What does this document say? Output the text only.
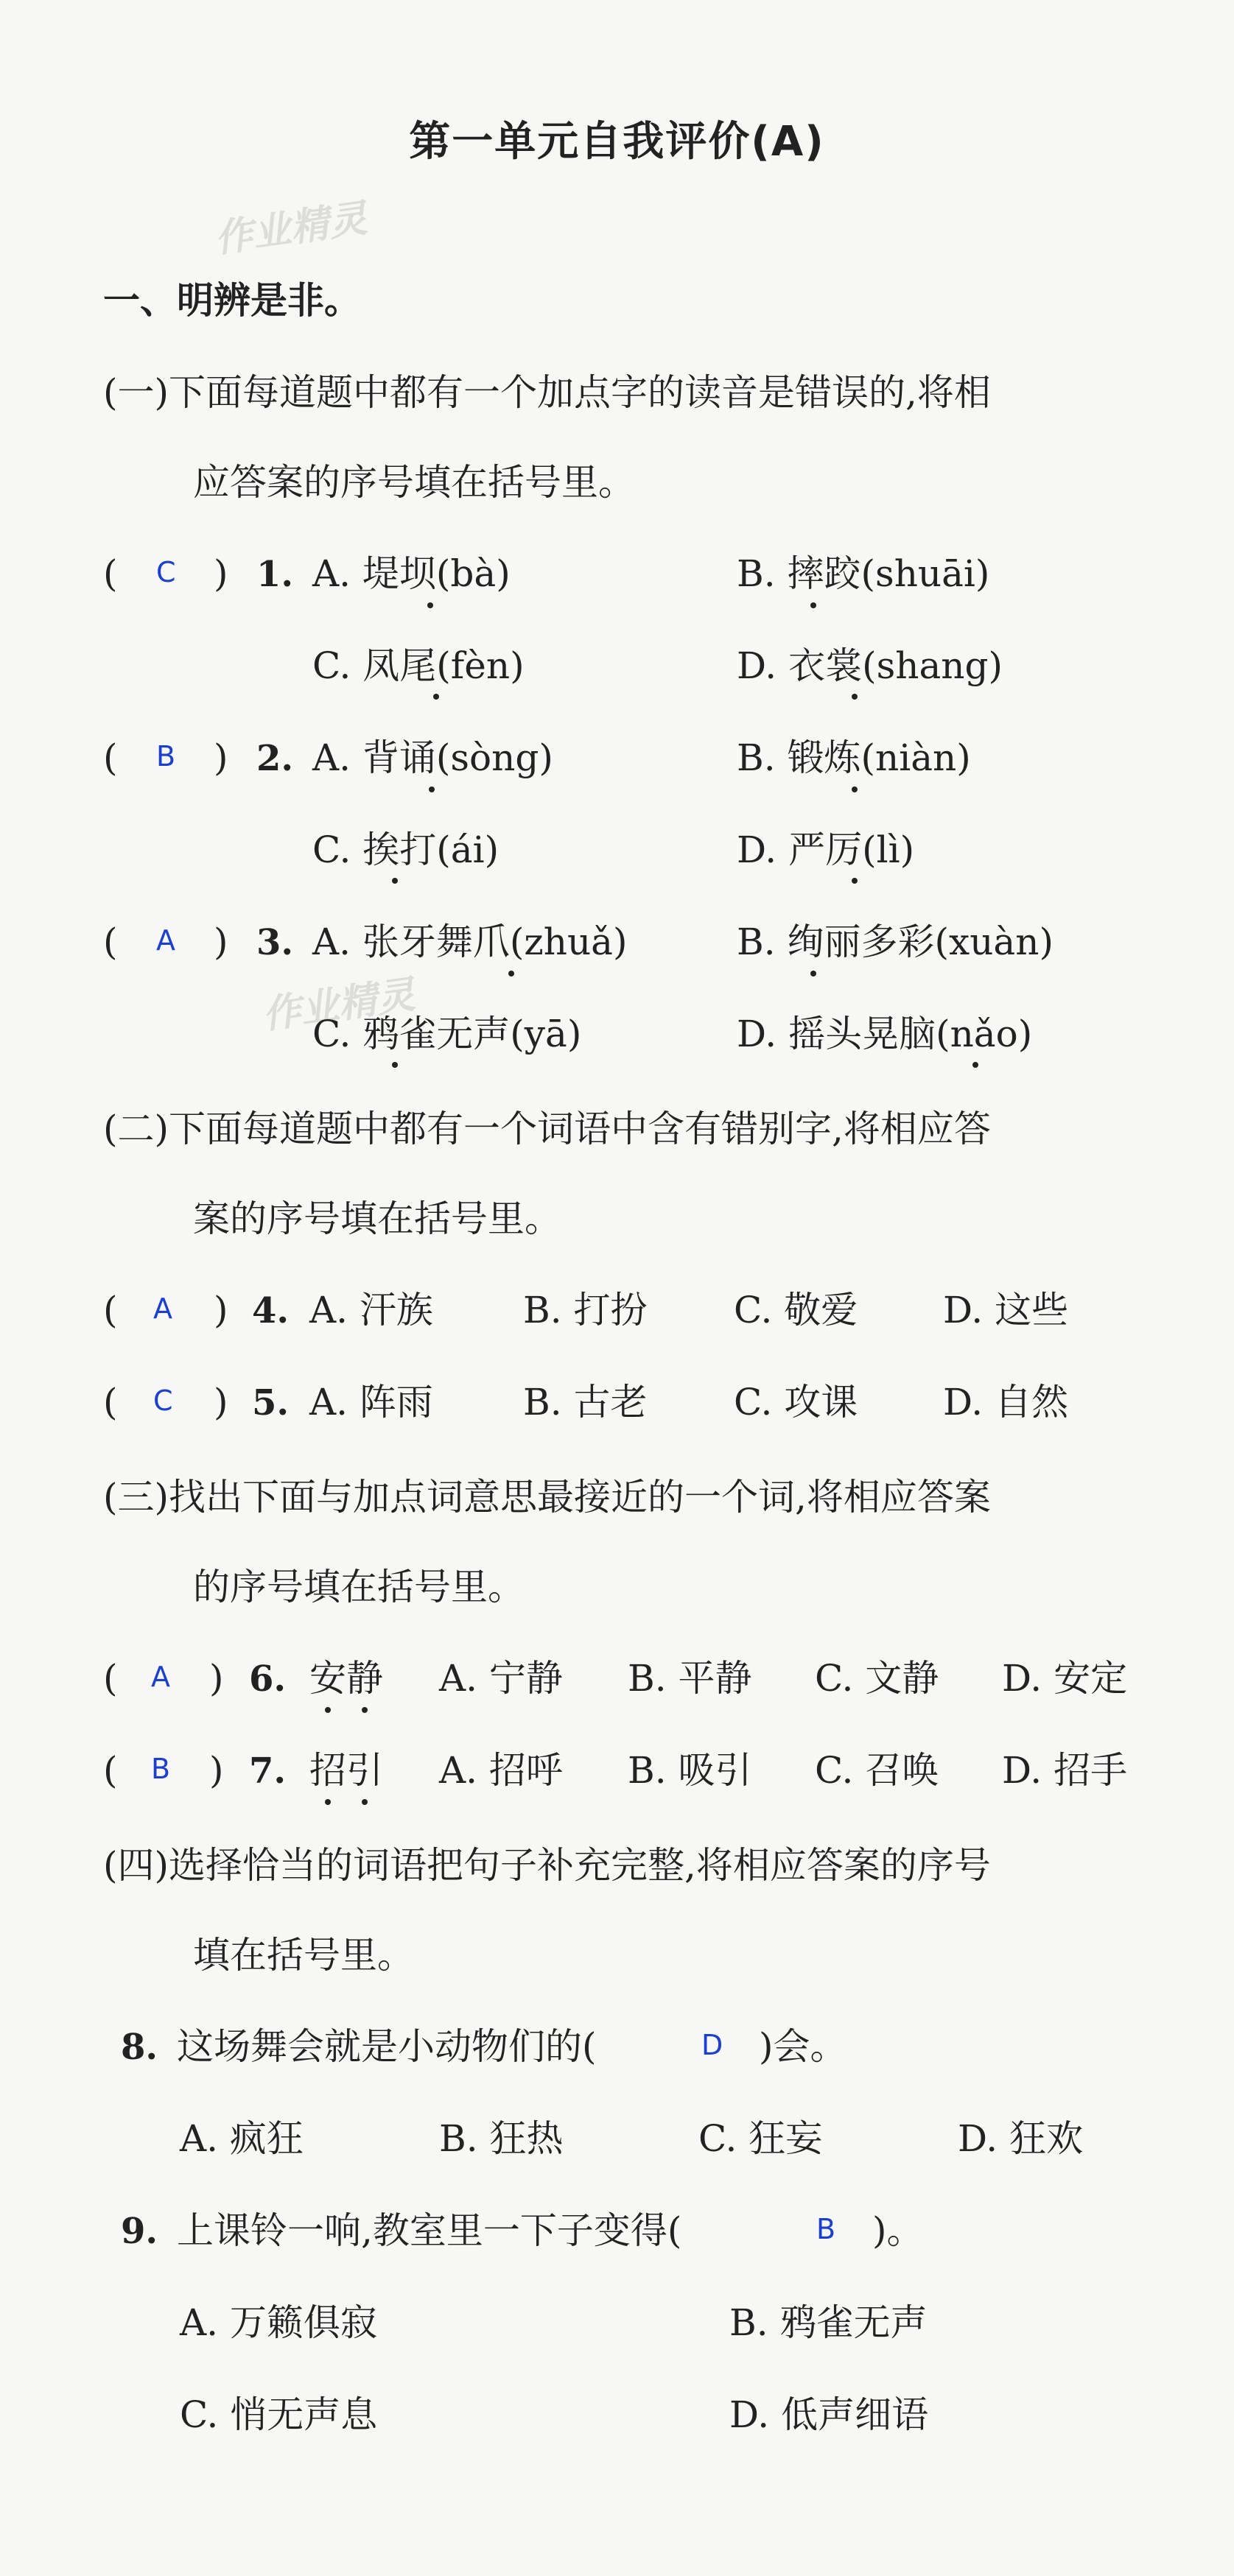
第一单元自我评价(A)
作业精灵
作业精灵
一、明辨是非。
(一)下面每道题中都有一个加点字的读音是错误的,将相
应答案的序号填在括号里。
( C ) 1. A. 堤坝(bà)	B. 摔跤(shuāi)
C. 凤尾(fèn)	D. 衣裳(shang)
( B ) 2. A. 背诵(sòng)	B. 锻炼(niàn)
C. 挨打(ái)	D. 严厉(lì)
( A ) 3. A. 张牙舞爪(zhuǎ)	B. 绚丽多彩(xuàn)
C. 鸦雀无声(yā)	D. 摇头晃脑(nǎo)
(二)下面每道题中都有一个词语中含有错别字,将相应答
案的序号填在括号里。
( A ) 4. A. 汗族 B. 打扮 C. 敬爱 D. 这些
( C ) 5. A. 阵雨 B. 古老 C. 攻课 D. 自然
(三)找出下面与加点词意思最接近的一个词,将相应答案
的序号填在括号里。
( A ) 6. 安静 A. 宁静 B. 平静 C. 文静 D. 安定
( B ) 7. 招引 A. 招呼 B. 吸引 C. 召唤 D. 招手
(四)选择恰当的词语把句子补充完整,将相应答案的序号
填在括号里。
8. 这场舞会就是小动物们的(	D )会。
A. 疯狂	B. 狂热	C. 狂妄	D. 狂欢
9. 上课铃一响,教室里一下子变得(	B )。
A. 万籁俱寂	B. 鸦雀无声
C. 悄无声息	D. 低声细语
